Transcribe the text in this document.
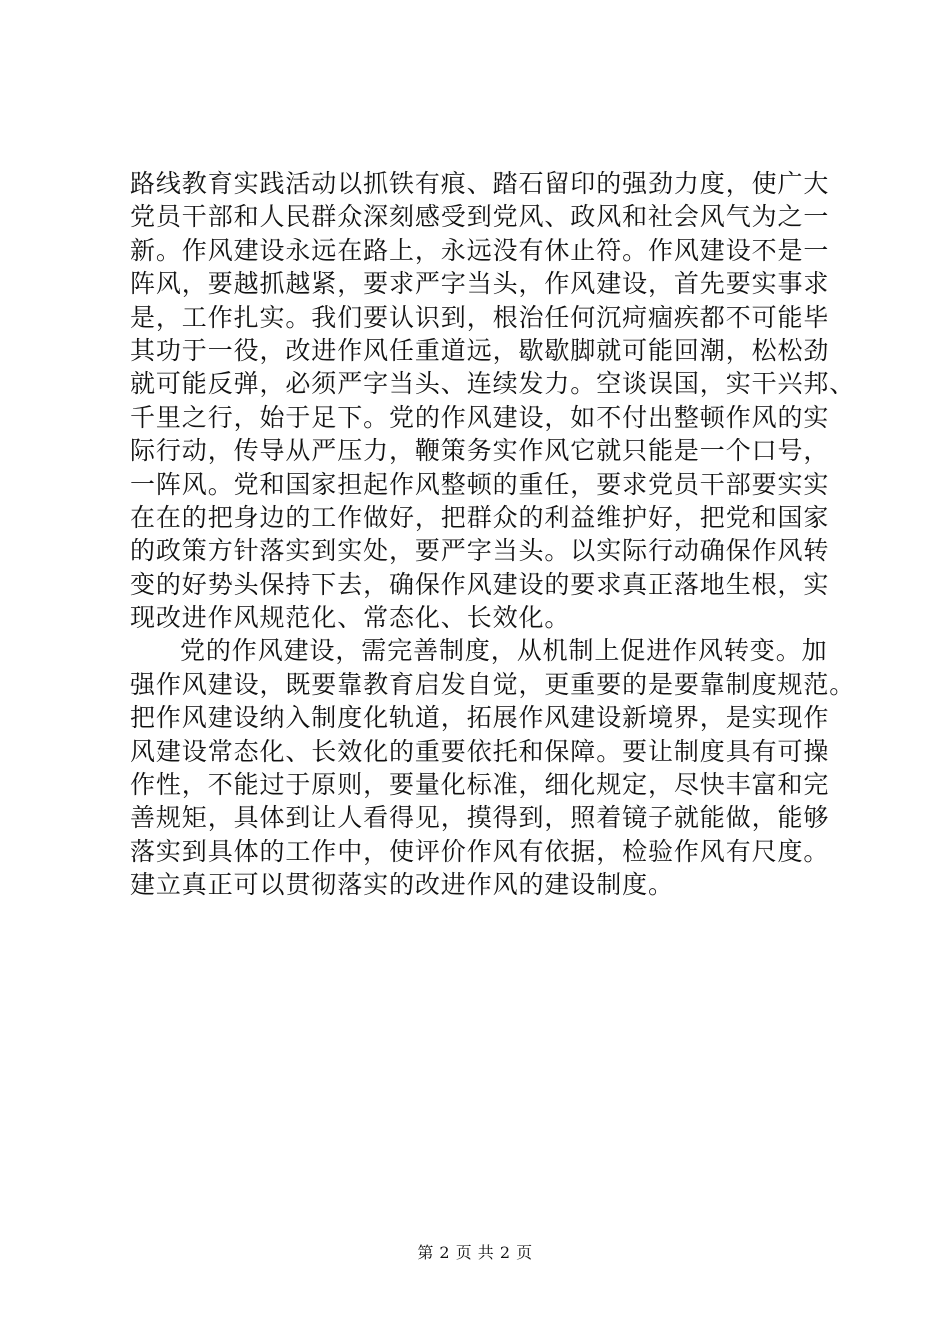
路线教育实践活动以抓铁有痕、踏石留印的强劲力度，使广大
党员干部和人民群众深刻感受到党风、政风和社会风气为之一
新。作风建设永远在路上，永远没有休止符。作风建设不是一
阵风，要越抓越紧，要求严字当头，作风建设，首先要实事求
是，工作扎实。我们要认识到，根治任何沉疴痼疾都不可能毕
其功于一役，改进作风任重道远，歇歇脚就可能回潮，松松劲
就可能反弹，必须严字当头、连续发力。空谈误国，实干兴邦、
千里之行，始于足下。党的作风建设，如不付出整顿作风的实
际行动，传导从严压力，鞭策务实作风它就只能是一个口号，
一阵风。党和国家担起作风整顿的重任，要求党员干部要实实
在在的把身边的工作做好，把群众的利益维护好，把党和国家
的政策方针落实到实处，要严字当头。以实际行动确保作风转
变的好势头保持下去，确保作风建设的要求真正落地生根，实
现改进作风规范化、常态化、长效化。
党的作风建设，需完善制度，从机制上促进作风转变。加
强作风建设，既要靠教育启发自觉，更重要的是要靠制度规范。
把作风建设纳入制度化轨道，拓展作风建设新境界，是实现作
风建设常态化、长效化的重要依托和保障。要让制度具有可操
作性，不能过于原则，要量化标准，细化规定，尽快丰富和完
善规矩，具体到让人看得见，摸得到，照着镜子就能做，能够
落实到具体的工作中，使评价作风有依据，检验作风有尺度。
建立真正可以贯彻落实的改进作风的建设制度。
第 2 页 共 2 页
